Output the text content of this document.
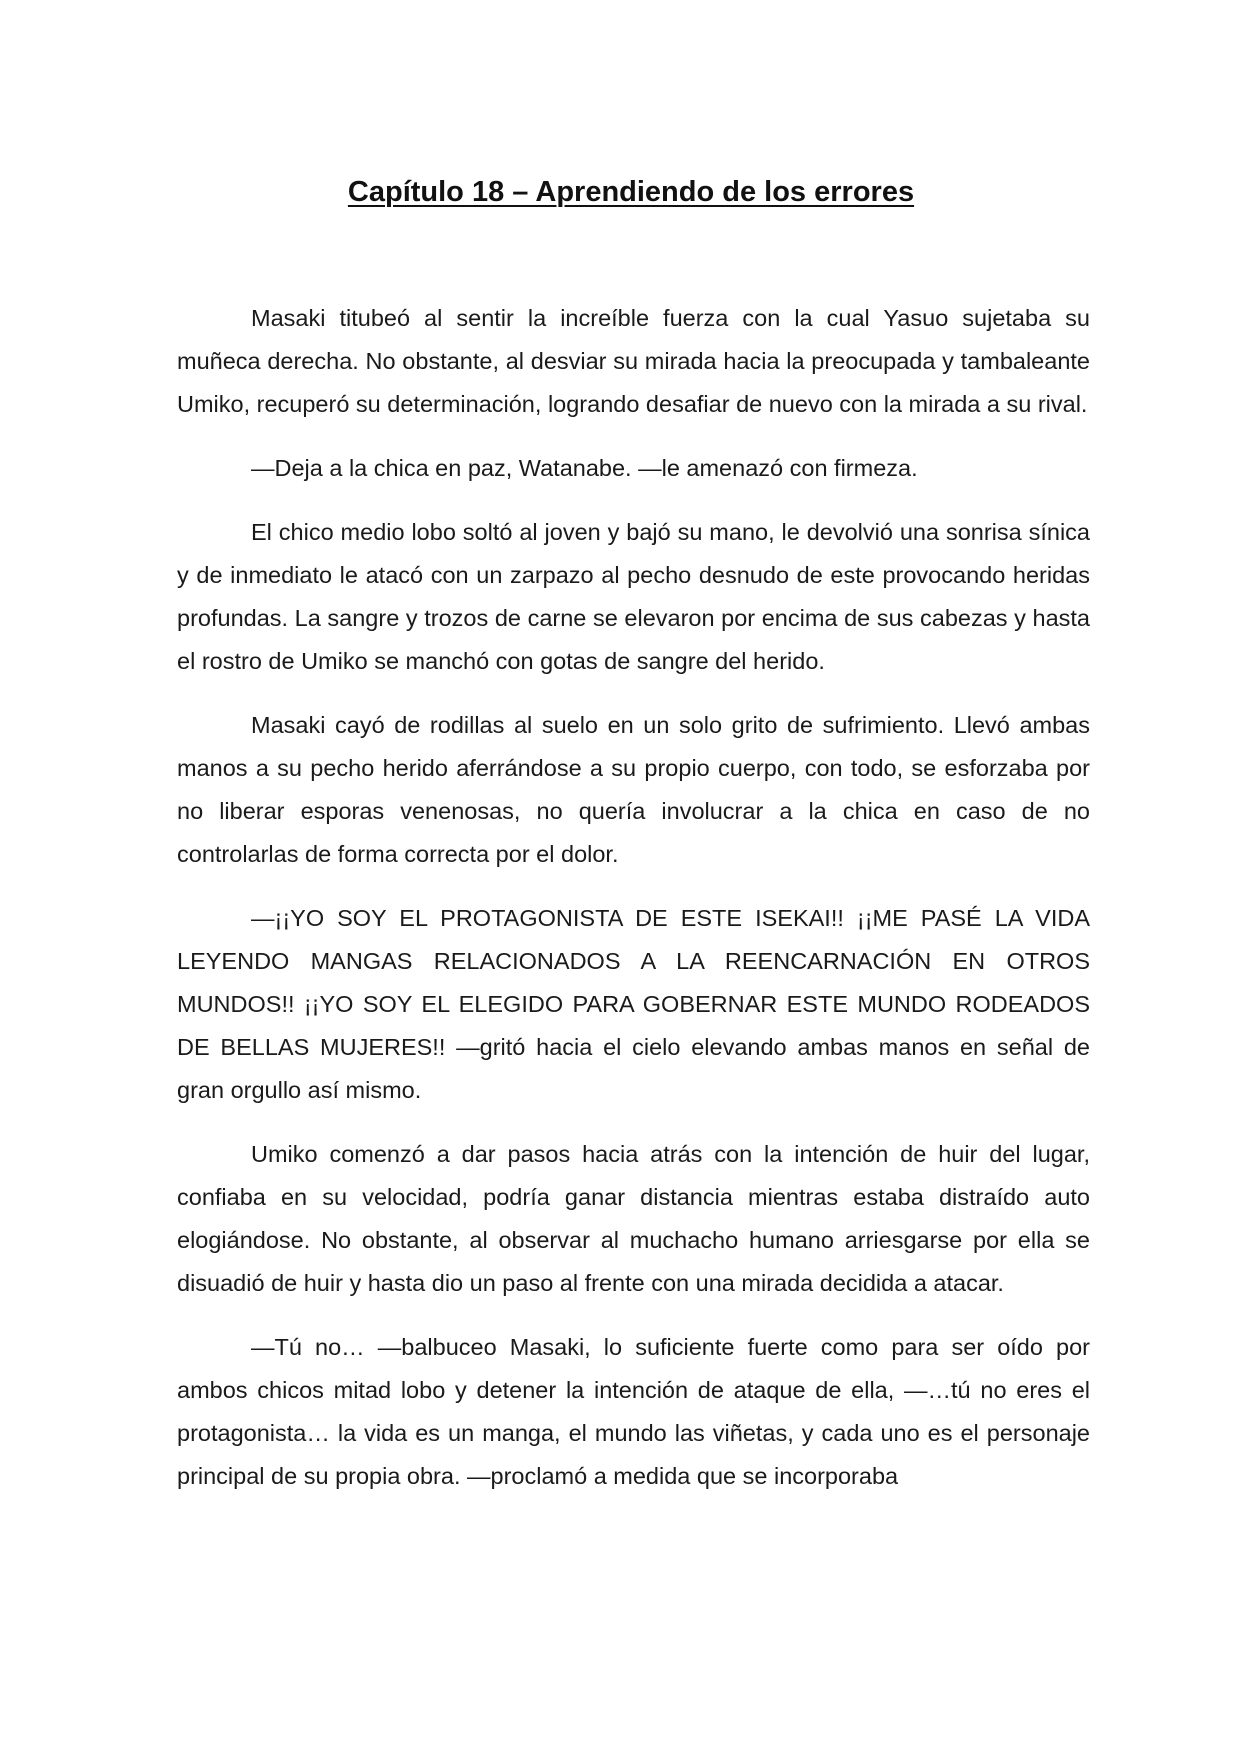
Capítulo 18 – Aprendiendo de los errores

Masaki titubeó al sentir la increíble fuerza con la cual Yasuo sujetaba su muñeca derecha. No obstante, al desviar su mirada hacia la preocupada y tambaleante Umiko, recuperó su determinación, logrando desafiar de nuevo con la mirada a su rival.

—Deja a la chica en paz, Watanabe. —le amenazó con firmeza.

El chico medio lobo soltó al joven y bajó su mano, le devolvió una sonrisa sínica y de inmediato le atacó con un zarpazo al pecho desnudo de este provocando heridas profundas. La sangre y trozos de carne se elevaron por encima de sus cabezas y hasta el rostro de Umiko se manchó con gotas de sangre del herido.

Masaki cayó de rodillas al suelo en un solo grito de sufrimiento. Llevó ambas manos a su pecho herido aferrándose a su propio cuerpo, con todo, se esforzaba por no liberar esporas venenosas, no quería involucrar a la chica en caso de no controlarlas de forma correcta por el dolor.

—¡¡YO SOY EL PROTAGONISTA DE ESTE ISEKAI!! ¡¡ME PASÉ LA VIDA LEYENDO MANGAS RELACIONADOS A LA REENCARNACIÓN EN OTROS MUNDOS!! ¡¡YO SOY EL ELEGIDO PARA GOBERNAR ESTE MUNDO RODEADOS DE BELLAS MUJERES!! —gritó hacia el cielo elevando ambas manos en señal de gran orgullo así mismo.

Umiko comenzó a dar pasos hacia atrás con la intención de huir del lugar, confiaba en su velocidad, podría ganar distancia mientras estaba distraído auto elogiándose. No obstante, al observar al muchacho humano arriesgarse por ella se disuadió de huir y hasta dio un paso al frente con una mirada decidida a atacar.

—Tú no… —balbuceo Masaki, lo suficiente fuerte como para ser oído por ambos chicos mitad lobo y detener la intención de ataque de ella, —…tú no eres el protagonista… la vida es un manga, el mundo las viñetas, y cada uno es el personaje principal de su propia obra. —proclamó a medida que se incorporaba
